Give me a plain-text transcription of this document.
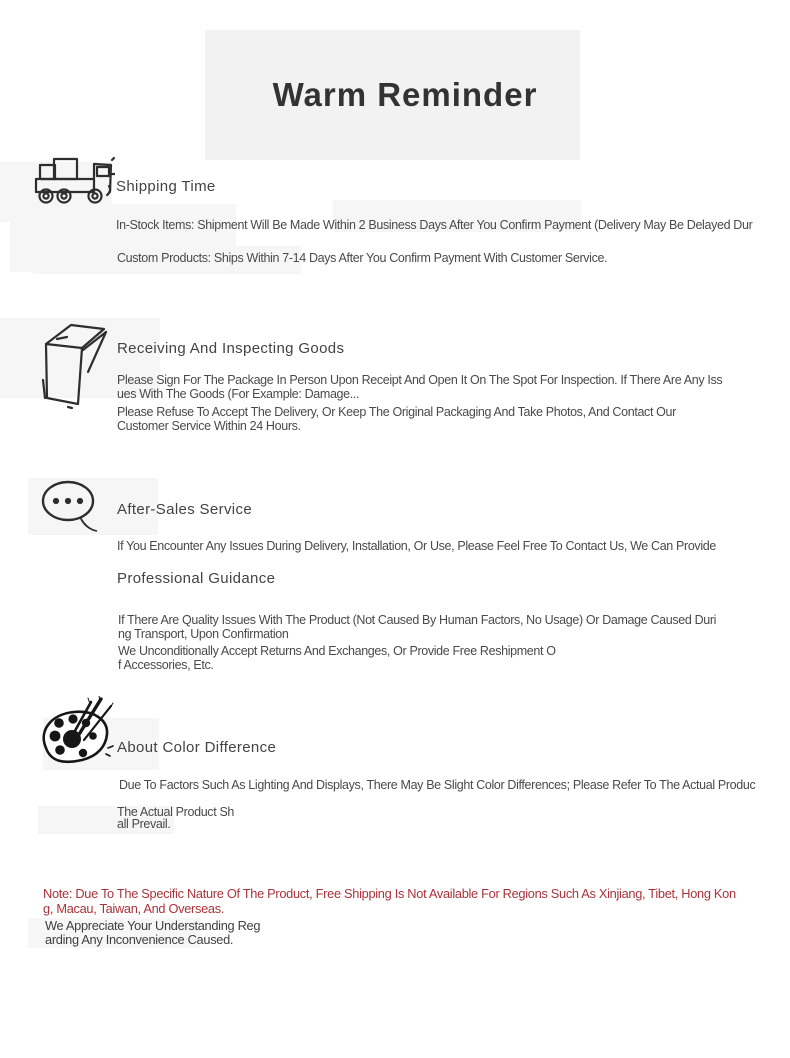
Warm Reminder
Shipping Time
In-Stock Items: Shipment Will Be Made Within 2 Business Days After You Confirm Payment (Delivery May Be Delayed Dur
Custom Products: Ships Within 7-14 Days After You Confirm Payment With Customer Service.
Receiving And Inspecting Goods
Please Sign For The Package In Person Upon Receipt And Open It On The Spot For Inspection. If There Are Any Iss
ues With The Goods (For Example: Damage...
Please Refuse To Accept The Delivery, Or Keep The Original Packaging And Take Photos, And Contact Our
Customer Service Within 24 Hours.
After-Sales Service
If You Encounter Any Issues During Delivery, Installation, Or Use, Please Feel Free To Contact Us, We Can Provide
Professional Guidance
If There Are Quality Issues With The Product (Not Caused By Human Factors, No Usage) Or Damage Caused Duri
ng Transport, Upon Confirmation
We Unconditionally Accept Returns And Exchanges, Or Provide Free Reshipment O
f Accessories, Etc.
About Color Difference
Due To Factors Such As Lighting And Displays, There May Be Slight Color Differences; Please Refer To The Actual Produc
The Actual Product Sh
all Prevail.
Note: Due To The Specific Nature Of The Product, Free Shipping Is Not Available For Regions Such As Xinjiang, Tibet, Hong Kon
g, Macau, Taiwan, And Overseas.
We Appreciate Your Understanding Reg
arding Any Inconvenience Caused.
